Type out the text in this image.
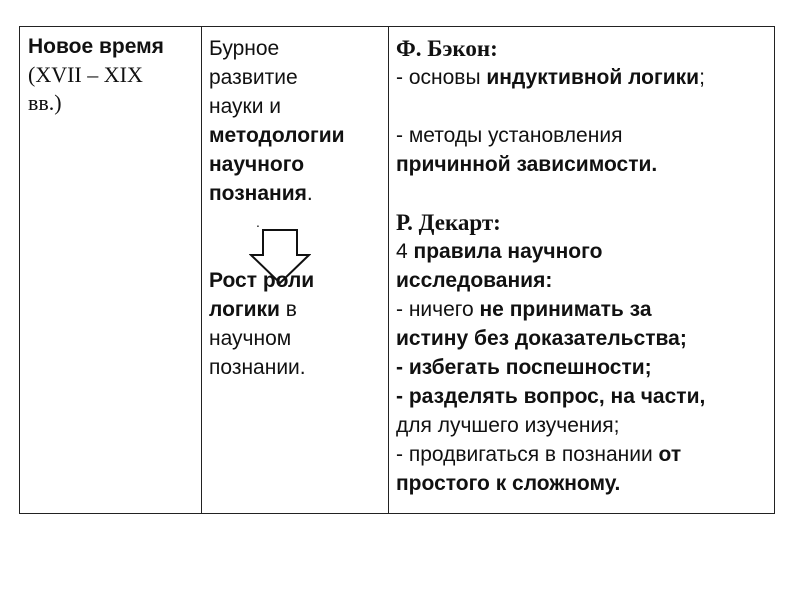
Новое время
(XVII – XIX
вв.)
Бурное
развитие
науки и
методологии
научного
познания.
.
Рост роли
логики в
научном
познании.
Ф. Бэкон:
- основы индуктивной логики;
- методы установления
причинной зависимости.
Р. Декарт:
4 правила научного
исследования:
- ничего не принимать за
истину без доказательства;
- избегать поспешности;
- разделять вопрос, на части,
для лучшего изучения;
- продвигаться в познании от
простого к сложному.
